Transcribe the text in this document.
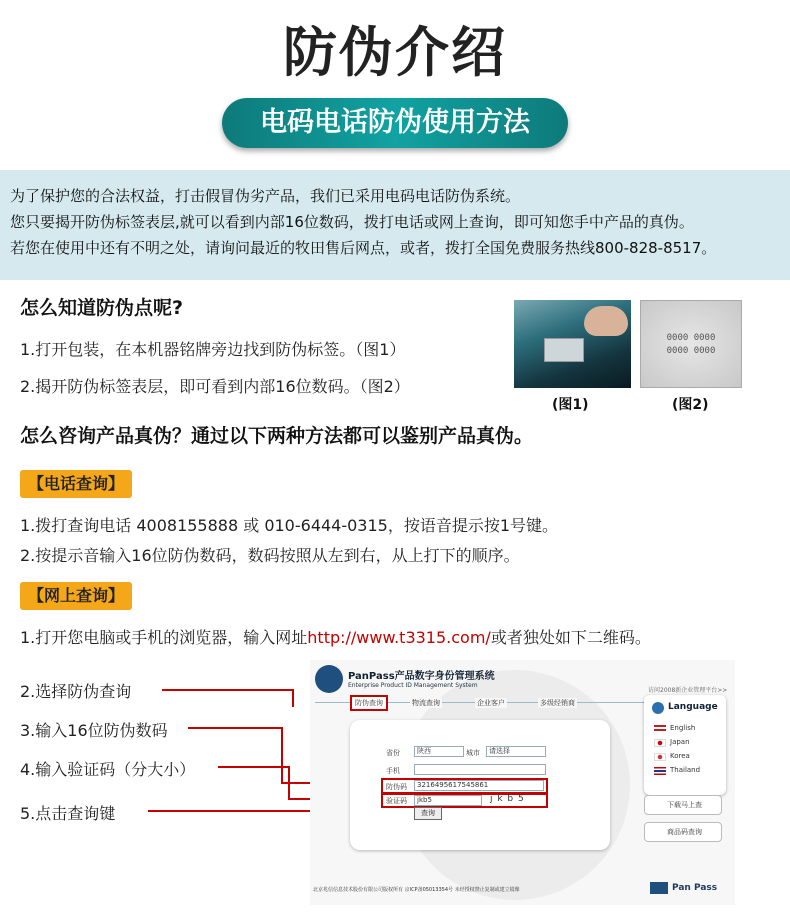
防伪介绍
电码电话防伪使用方法
为了保护您的合法权益，打击假冒伪劣产品，我们已采用电码电话防伪系统。
您只要揭开防伪标签表层,就可以看到内部16位数码，拨打电话或网上查询，即可知您手中产品的真伪。
若您在使用中还有不明之处，请询问最近的牧田售后网点，或者，拨打全国免费服务热线800-828-8517。
怎么知道防伪点呢?
1.打开包装，在本机器铭牌旁边找到防伪标签。（图1）
2.揭开防伪标签表层，即可看到内部16位数码。（图2）
0000 0000
0000 0000
(图1)	(图2)
怎么咨询产品真伪？通过以下两种方法都可以鉴别产品真伪。
【电话查询】
1.拨打查询电话 4008155888 或 010-6444-0315，按语音提示按1号键。
2.按提示音输入16位防伪数码，数码按照从左到右，从上打下的顺序。
【网上查询】
1.打开您电脑或手机的浏览器，输入网址http://www.t3315.com/或者独处如下二维码。
2.选择防伪查询
3.输入16位防伪数码
4.输入验证码（分大小）
5.点击查询键
PanPass产品数字身份管理系统
Enterprise Product ID Management System
防伪查询	物流查询	企业客户	多级经销商
访问2008新企业管理平台>>
省份	陕西	城市	请选择
手机
防伪码	3216495617545861
验证码	jkb5	j k b 5
查询
Language
English
Japan
Korea
Thailand
下载马上查
商品码查询
北京兆信信息技术股份有限公司版权所有 京ICP备05013354号 未经授权禁止复制或建立镜像	Pan Pass
